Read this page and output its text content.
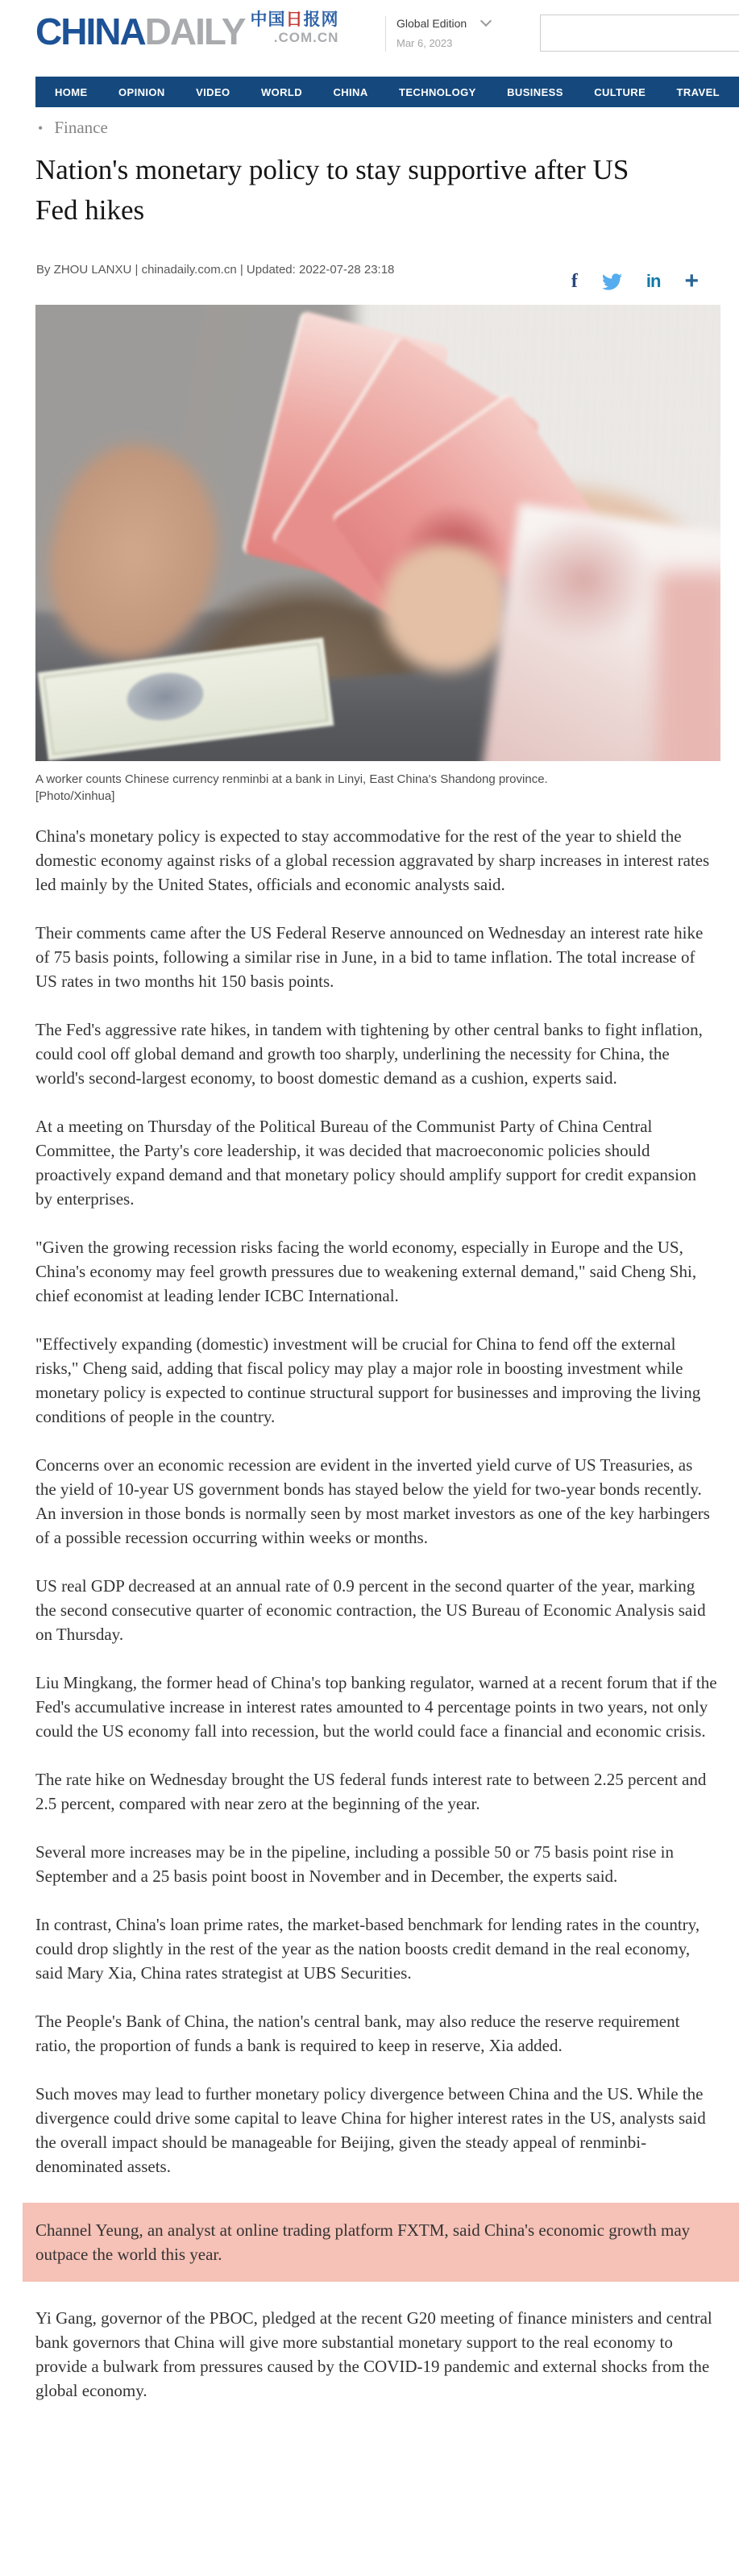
CHINADAILY 中国日报网
.COM.CN
Global Edition
Mar 6, 2023
HOME	OPINION	VIDEO	WORLD	CHINA	TECHNOLOGY	BUSINESS	CULTURE	TRAVEL
• Finance
Nation's monetary policy to stay supportive after US Fed hikes
By ZHOU LANXU | chinadaily.com.cn | Updated: 2022-07-28 23:18
f	in +
A worker counts Chinese currency renminbi at a bank in Linyi, East China's Shandong province.
[Photo/Xinhua]

China's monetary policy is expected to stay accommodative for the rest of the year to shield the domestic economy against risks of a global recession aggravated by sharp increases in interest rates led mainly by the United States, officials and economic analysts said.

Their comments came after the US Federal Reserve announced on Wednesday an interest rate hike of 75 basis points, following a similar rise in June, in a bid to tame inflation. The total increase of US rates in two months hit 150 basis points.

The Fed's aggressive rate hikes, in tandem with tightening by other central banks to fight inflation, could cool off global demand and growth too sharply, underlining the necessity for China, the world's second-largest economy, to boost domestic demand as a cushion, experts said.

At a meeting on Thursday of the Political Bureau of the Communist Party of China Central Committee, the Party's core leadership, it was decided that macroeconomic policies should proactively expand demand and that monetary policy should amplify support for credit expansion by enterprises.

"Given the growing recession risks facing the world economy, especially in Europe and the US, China's economy may feel growth pressures due to weakening external demand," said Cheng Shi, chief economist at leading lender ICBC International.

"Effectively expanding (domestic) investment will be crucial for China to fend off the external risks," Cheng said, adding that fiscal policy may play a major role in boosting investment while monetary policy is expected to continue structural support for businesses and improving the living conditions of people in the country.

Concerns over an economic recession are evident in the inverted yield curve of US Treasuries, as the yield of 10-year US government bonds has stayed below the yield for two-year bonds recently. An inversion in those bonds is normally seen by most market investors as one of the key harbingers of a possible recession occurring within weeks or months.

US real GDP decreased at an annual rate of 0.9 percent in the second quarter of the year, marking the second consecutive quarter of economic contraction, the US Bureau of Economic Analysis said on Thursday.

Liu Mingkang, the former head of China's top banking regulator, warned at a recent forum that if the Fed's accumulative increase in interest rates amounted to 4 percentage points in two years, not only could the US economy fall into recession, but the world could face a financial and economic crisis.

The rate hike on Wednesday brought the US federal funds interest rate to between 2.25 percent and 2.5 percent, compared with near zero at the beginning of the year.

Several more increases may be in the pipeline, including a possible 50 or 75 basis point rise in September and a 25 basis point boost in November and in December, the experts said.

In contrast, China's loan prime rates, the market-based benchmark for lending rates in the country, could drop slightly in the rest of the year as the nation boosts credit demand in the real economy, said Mary Xia, China rates strategist at UBS Securities.

The People's Bank of China, the nation's central bank, may also reduce the reserve requirement ratio, the proportion of funds a bank is required to keep in reserve, Xia added.

Such moves may lead to further monetary policy divergence between China and the US. While the divergence could drive some capital to leave China for higher interest rates in the US, analysts said the overall impact should be manageable for Beijing, given the steady appeal of renminbi-denominated assets.

Channel Yeung, an analyst at online trading platform FXTM, said China's economic growth may outpace the world this year.

Yi Gang, governor of the PBOC, pledged at the recent G20 meeting of finance ministers and central bank governors that China will give more substantial monetary support to the real economy to provide a bulwark from pressures caused by the COVID-19 pandemic and external shocks from the global economy.
